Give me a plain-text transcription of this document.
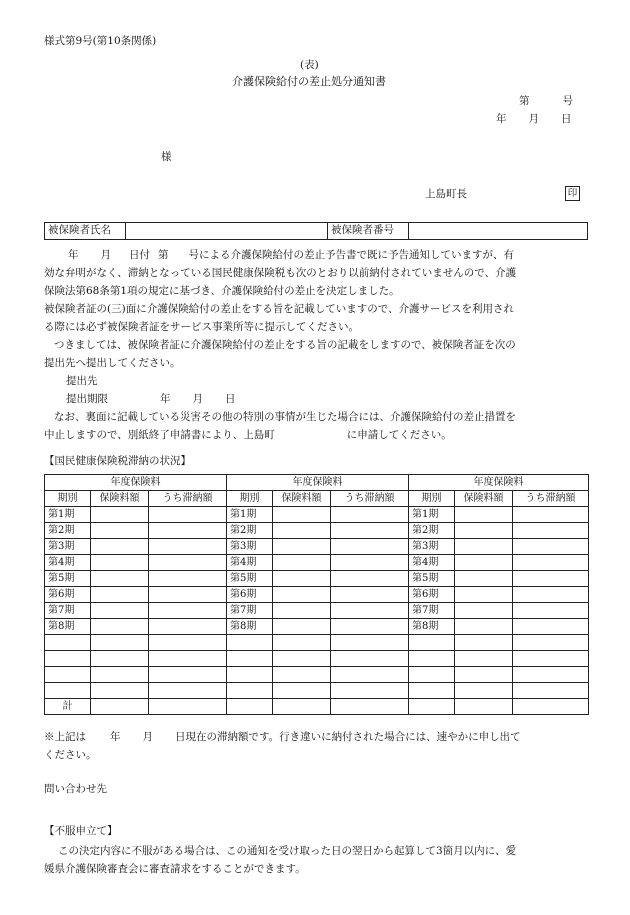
様式第9号(第10条関係)
(表)
介護保険給付の差止処分通知書
第	号
年 月 日
様
上島町長	印
被保険者氏名		被保険者番号	
年 月 日付 第 号による介護保険給付の差止予告書で既に予告通知していますが、有
効な弁明がなく、滞納となっている国民健康保険税も次のとおり以前納付されていませんので、介護
保険法第68条第1項の規定に基づき、介護保険給付の差止を決定しました。
被保険者証の(三)面に介護保険給付の差止をする旨を記載していますので、介護サービスを利用され
る際には必ず被保険者証をサービス事業所等に提示してください。
つきましては、被保険者証に介護保険給付の差止をする旨の記載をしますので、被保険者証を次の
提出先へ提出してください。
提出先
提出期限	年 月 日
なお、裏面に記載している災害その他の特別の事情が生じた場合には、介護保険給付の差止措置を
中止しますので、別紙終了申請書により、上島町	に申請してください。
【国民健康保険税滞納の状況】
年度保険料			年度保険料			年度保険料		
期別	保険料額	うち滞納額	期別	保険料額	うち滞納額	期別	保険料額	うち滞納額
第1期			第1期			第1期		
第2期			第2期			第2期		
第3期			第3期			第3期		
第4期			第4期			第4期		
第5期			第5期			第5期		
第6期			第6期			第6期		
第7期			第7期			第7期		
第8期			第8期			第8期		

計								
※上記は 年 月 日現在の滞納額です。行き違いに納付された場合には、速やかに申し出て
ください。
問い合わせ先
【不服申立て】
この決定内容に不服がある場合は、この通知を受け取った日の翌日から起算して3箇月以内に、愛
媛県介護保険審査会に審査請求をすることができます。
